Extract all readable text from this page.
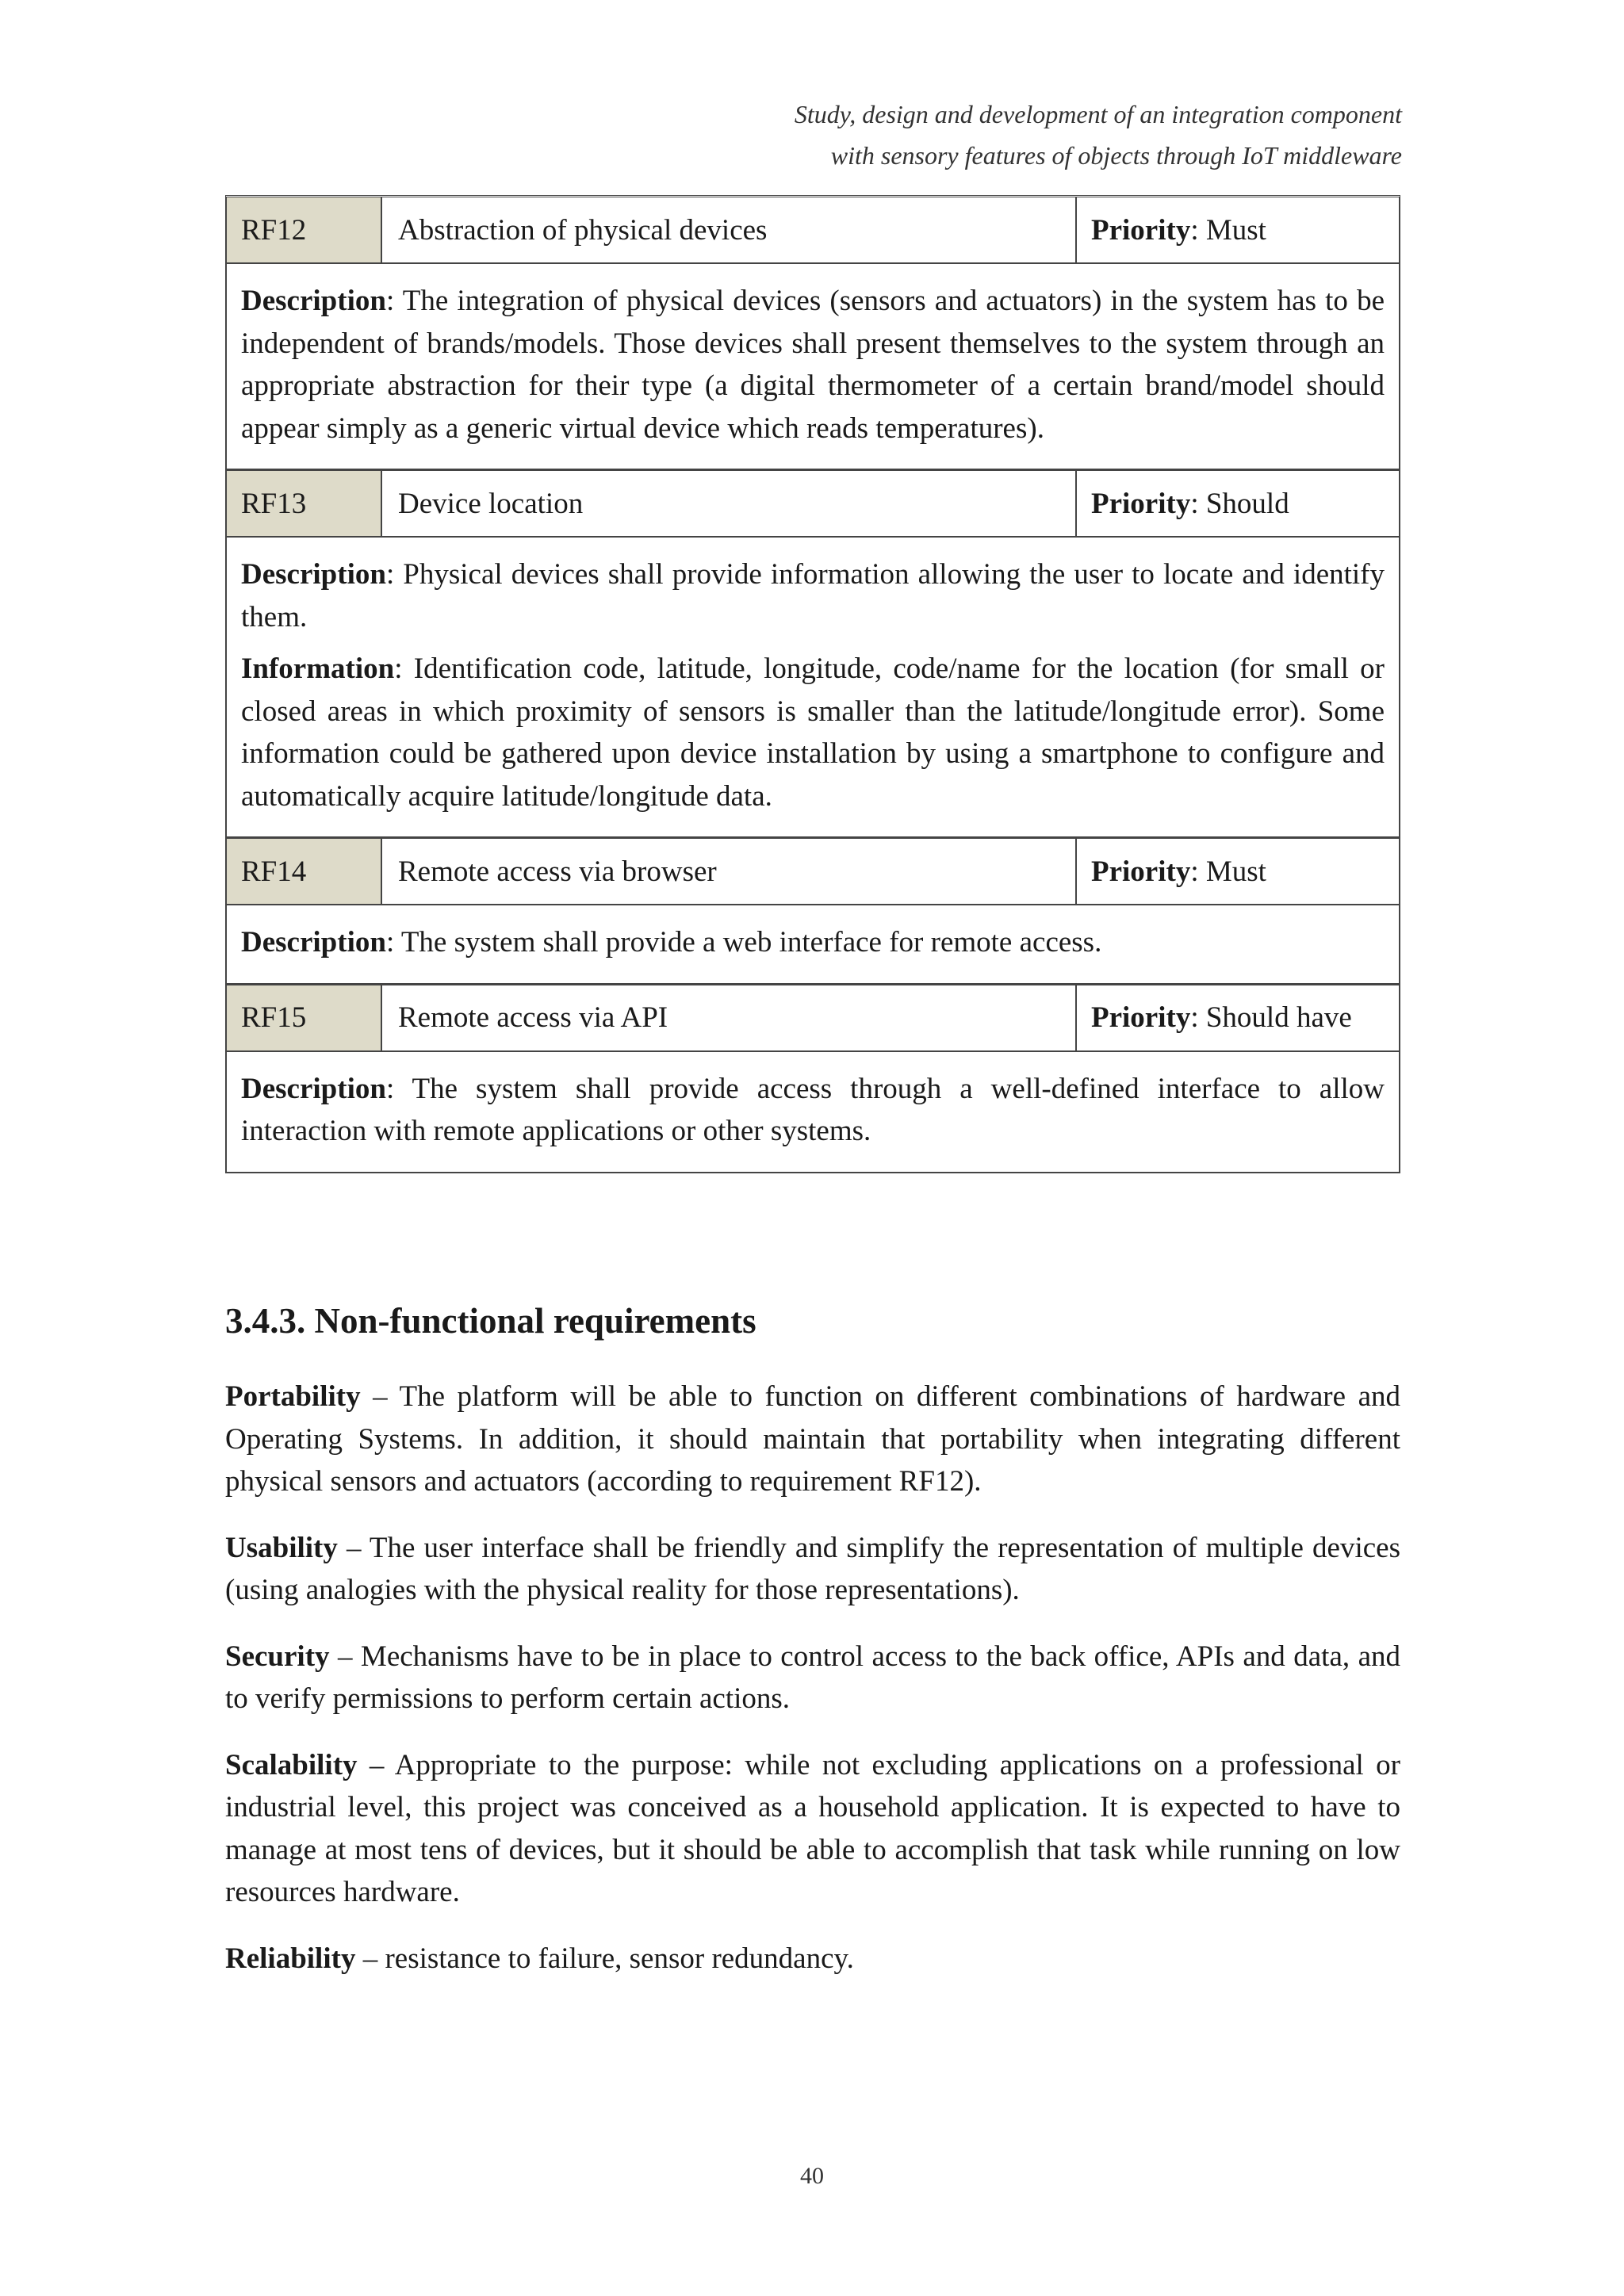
Study, design and development of an integration component
with sensory features of objects through IoT middleware
RF12	Abstraction of physical devices	Priority : Must

Description: The integration of physical devices (sensors and actuators) in the system has to be independent of brands/models. Those devices shall present themselves to the system through an appropriate abstraction for their type (a digital thermometer of a certain brand/model should appear simply as a generic virtual device which reads temperatures).

RF13	Device location	Priority : Should

Description: Physical devices shall provide information allowing the user to locate and identify them.

Information: Identification code, latitude, longitude, code/name for the location (for small or closed areas in which proximity of sensors is smaller than the latitude/longitude error). Some information could be gathered upon device installation by using a smartphone to configure and automatically acquire latitude/longitude data.

RF14	Remote access via browser	Priority : Must

Description: The system shall provide a web interface for remote access.

RF15	Remote access via API	Priority : Should have

Description: The system shall provide access through a well-defined interface to allow interaction with remote applications or other systems.

3.4.3. Non-functional requirements

Portability – The platform will be able to function on different combinations of hardware and Operating Systems. In addition, it should maintain that portability when integrating different physical sensors and actuators (according to requirement RF12).

Usability – The user interface shall be friendly and simplify the representation of multiple devices (using analogies with the physical reality for those representations).

Security – Mechanisms have to be in place to control access to the back office, APIs and data, and to verify permissions to perform certain actions.

Scalability – Appropriate to the purpose: while not excluding applications on a professional or industrial level, this project was conceived as a household application. It is expected to have to manage at most tens of devices, but it should be able to accomplish that task while running on low resources hardware.

Reliability – resistance to failure, sensor redundancy.

40
